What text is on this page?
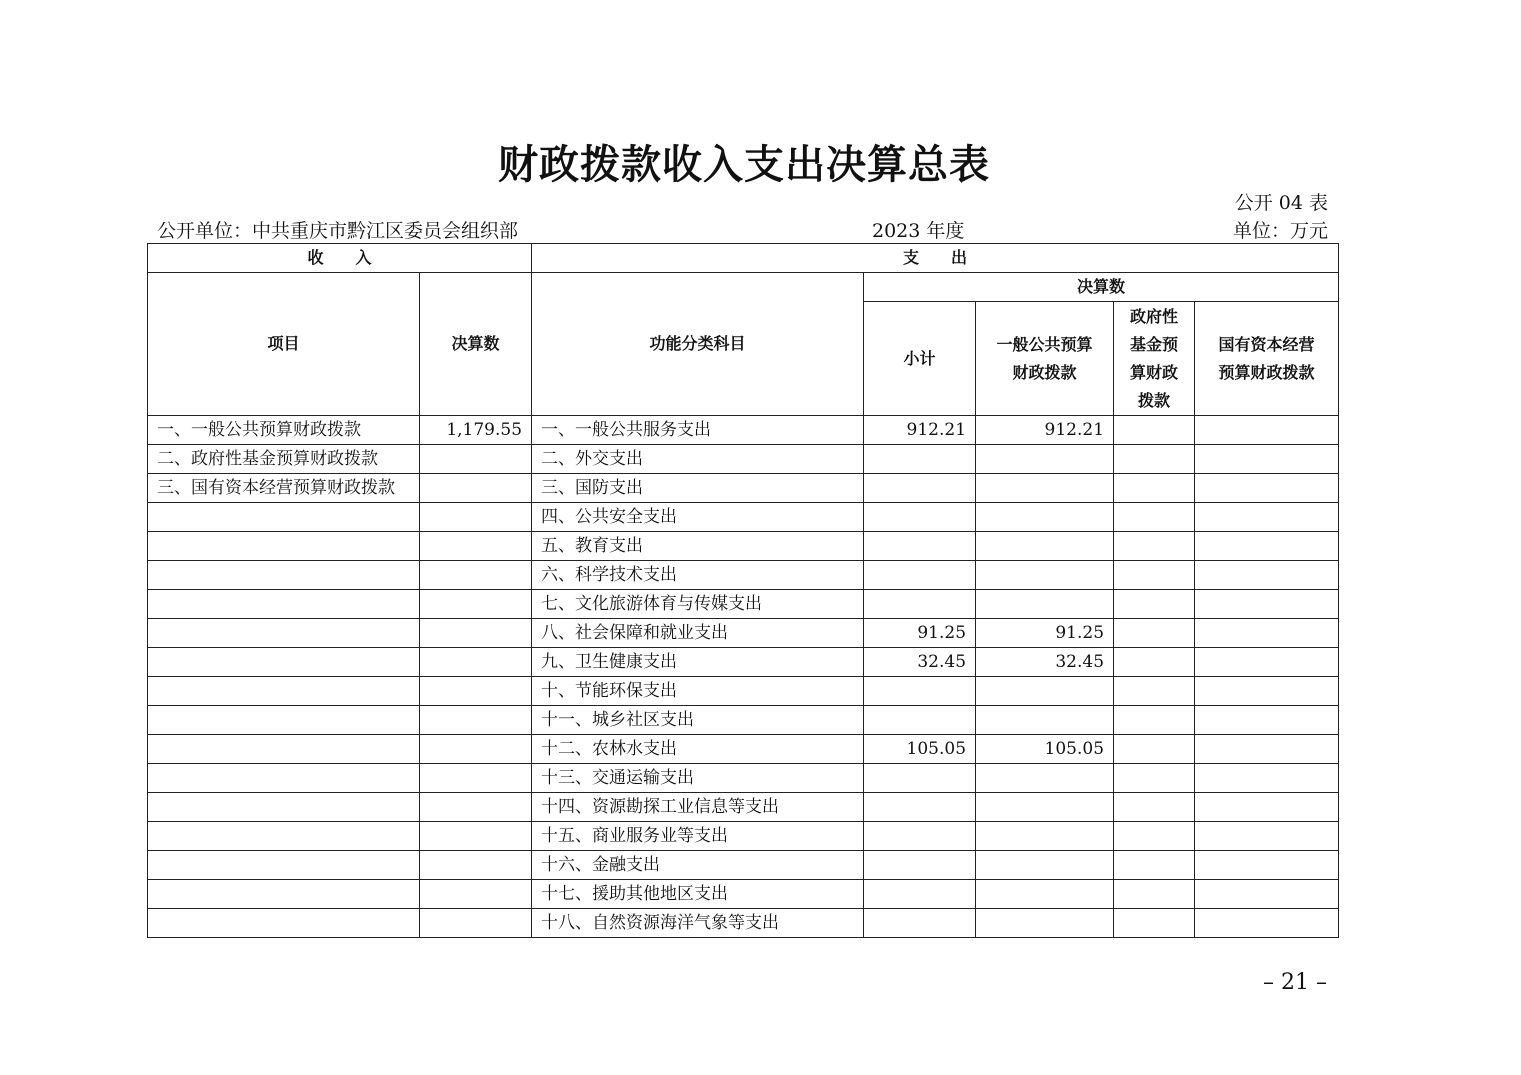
财政拨款收入支出决算总表
公开 04 表
公开单位：中共重庆市黔江区委员会组织部	2023 年度	单位：万元
收　　入		支　　出				
项目	决算数	功能分类科目	决算数			
			小计	一般公共预算财政拨款	政府性基金预算财政拨款	国有资本经营预算财政拨款
一、一般公共预算财政拨款	1,179.55	一、一般公共服务支出	912.21	912.21		
二、政府性基金预算财政拨款		二、外交支出				
三、国有资本经营预算财政拨款		三、国防支出				
		四、公共安全支出				
		五、教育支出				
		六、科学技术支出				
		七、文化旅游体育与传媒支出				
		八、社会保障和就业支出	91.25	91.25		
		九、卫生健康支出	32.45	32.45		
		十、节能环保支出				
		十一、城乡社区支出				
		十二、农林水支出	105.05	105.05		
		十三、交通运输支出				
		十四、资源勘探工业信息等支出				
		十五、商业服务业等支出				
		十六、金融支出				
		十七、援助其他地区支出				
		十八、自然资源海洋气象等支出				
– 21 –
